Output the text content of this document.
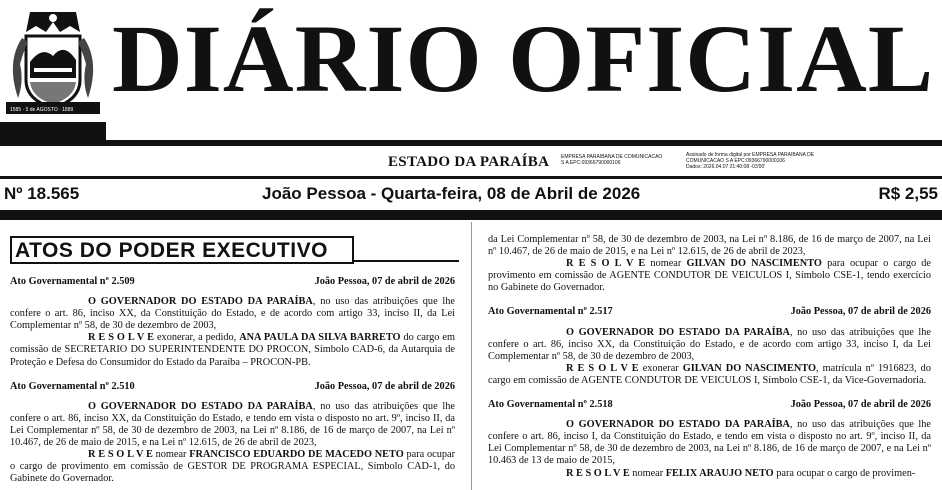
1585 · 5 de AGOSTO · 1889 DIÁRIO OFICIAL
ESTADO DA PARAÍBA EMPRESA PARAIBANA DE COMUNICACAO
S A EPC:09366790000106
Assinado de forma digital por EMPRESA PARAIBANA DE
COMUNICACAO S A EPC:09366790000106
Dados: 2026.04.07 21:40:08 -03'00'
Nº 18.565	João Pessoa - Quarta-feira, 08 de Abril de 2026	R$ 2,55
ATOS DO PODER EXECUTIVO
Ato Governamental nº 2.509	João Pessoa, 07 de abril de 2026

O GOVERNADOR DO ESTADO DA PARAÍBA, no uso das atribuições que lhe confere o art. 86, inciso XX, da Constituição do Estado, e de acordo com artigo 33, inciso II, da Lei Complementar nº 58, de 30 de dezembro de 2003,

R E S O L V E exonerar, a pedido, ANA PAULA DA SILVA BARRETO do cargo em comissão de SECRETARIO DO SUPERINTENDENTE DO PROCON, Símbolo CAD-6, da Autarquia de Proteção e Defesa do Consumidor do Estado da Paraíba – PROCON-PB.

Ato Governamental nº 2.510	João Pessoa, 07 de abril de 2026

O GOVERNADOR DO ESTADO DA PARAÍBA, no uso das atribuições que lhe confere o art. 86, inciso XX, da Constituição do Estado, e tendo em vista o disposto no art. 9º, inciso II, da Lei Complementar nº 58, de 30 de dezembro de 2003, na Lei nº 8.186, de 16 de março de 2007, na Lei nº 10.467, de 26 de maio de 2015, e na Lei nº 12.615, de 26 de abril de 2023,

R E S O L V E nomear FRANCISCO EDUARDO DE MACEDO NETO para ocupar o cargo de provimento em comissão de GESTOR DE PROGRAMA ESPECIAL, Símbolo CAD-1, do Gabinete do Governador.

da Lei Complementar nº 58, de 30 de dezembro de 2003, na Lei nº 8.186, de 16 de março de 2007, na Lei nº 10.467, de 26 de maio de 2015, e na Lei nº 12.615, de 26 de abril de 2023,

R E S O L V E nomear GILVAN DO NASCIMENTO para ocupar o cargo de provimento em comissão de AGENTE CONDUTOR DE VEICULOS I, Símbolo CSE-1, tendo exercício no Gabinete do Governador.

Ato Governamental nº 2.517	João Pessoa, 07 de abril de 2026

O GOVERNADOR DO ESTADO DA PARAÍBA, no uso das atribuições que lhe confere o art. 86, inciso XX, da Constituição do Estado, e de acordo com artigo 33, inciso I, da Lei Complementar nº 58, de 30 de dezembro de 2003,

R E S O L V E exonerar GILVAN DO NASCIMENTO, matrícula nº 1916823, do cargo em comissão de AGENTE CONDUTOR DE VEICULOS I, Símbolo CSE-1, da Vice-Governadoria.

Ato Governamental nº 2.518	João Pessoa, 07 de abril de 2026

O GOVERNADOR DO ESTADO DA PARAÍBA, no uso das atribuições que lhe confere o art. 86, inciso I, da Constituição do Estado, e tendo em vista o disposto no art. 9º, inciso II, da Lei Complementar nº 58, de 30 de dezembro de 2003, na Lei nº 8.186, de 16 de março de 2007, e na Lei nº 10.463 de 13 de maio de 2015,

R E S O L V E nomear FELIX ARAUJO NETO para ocupar o cargo de provimen-
